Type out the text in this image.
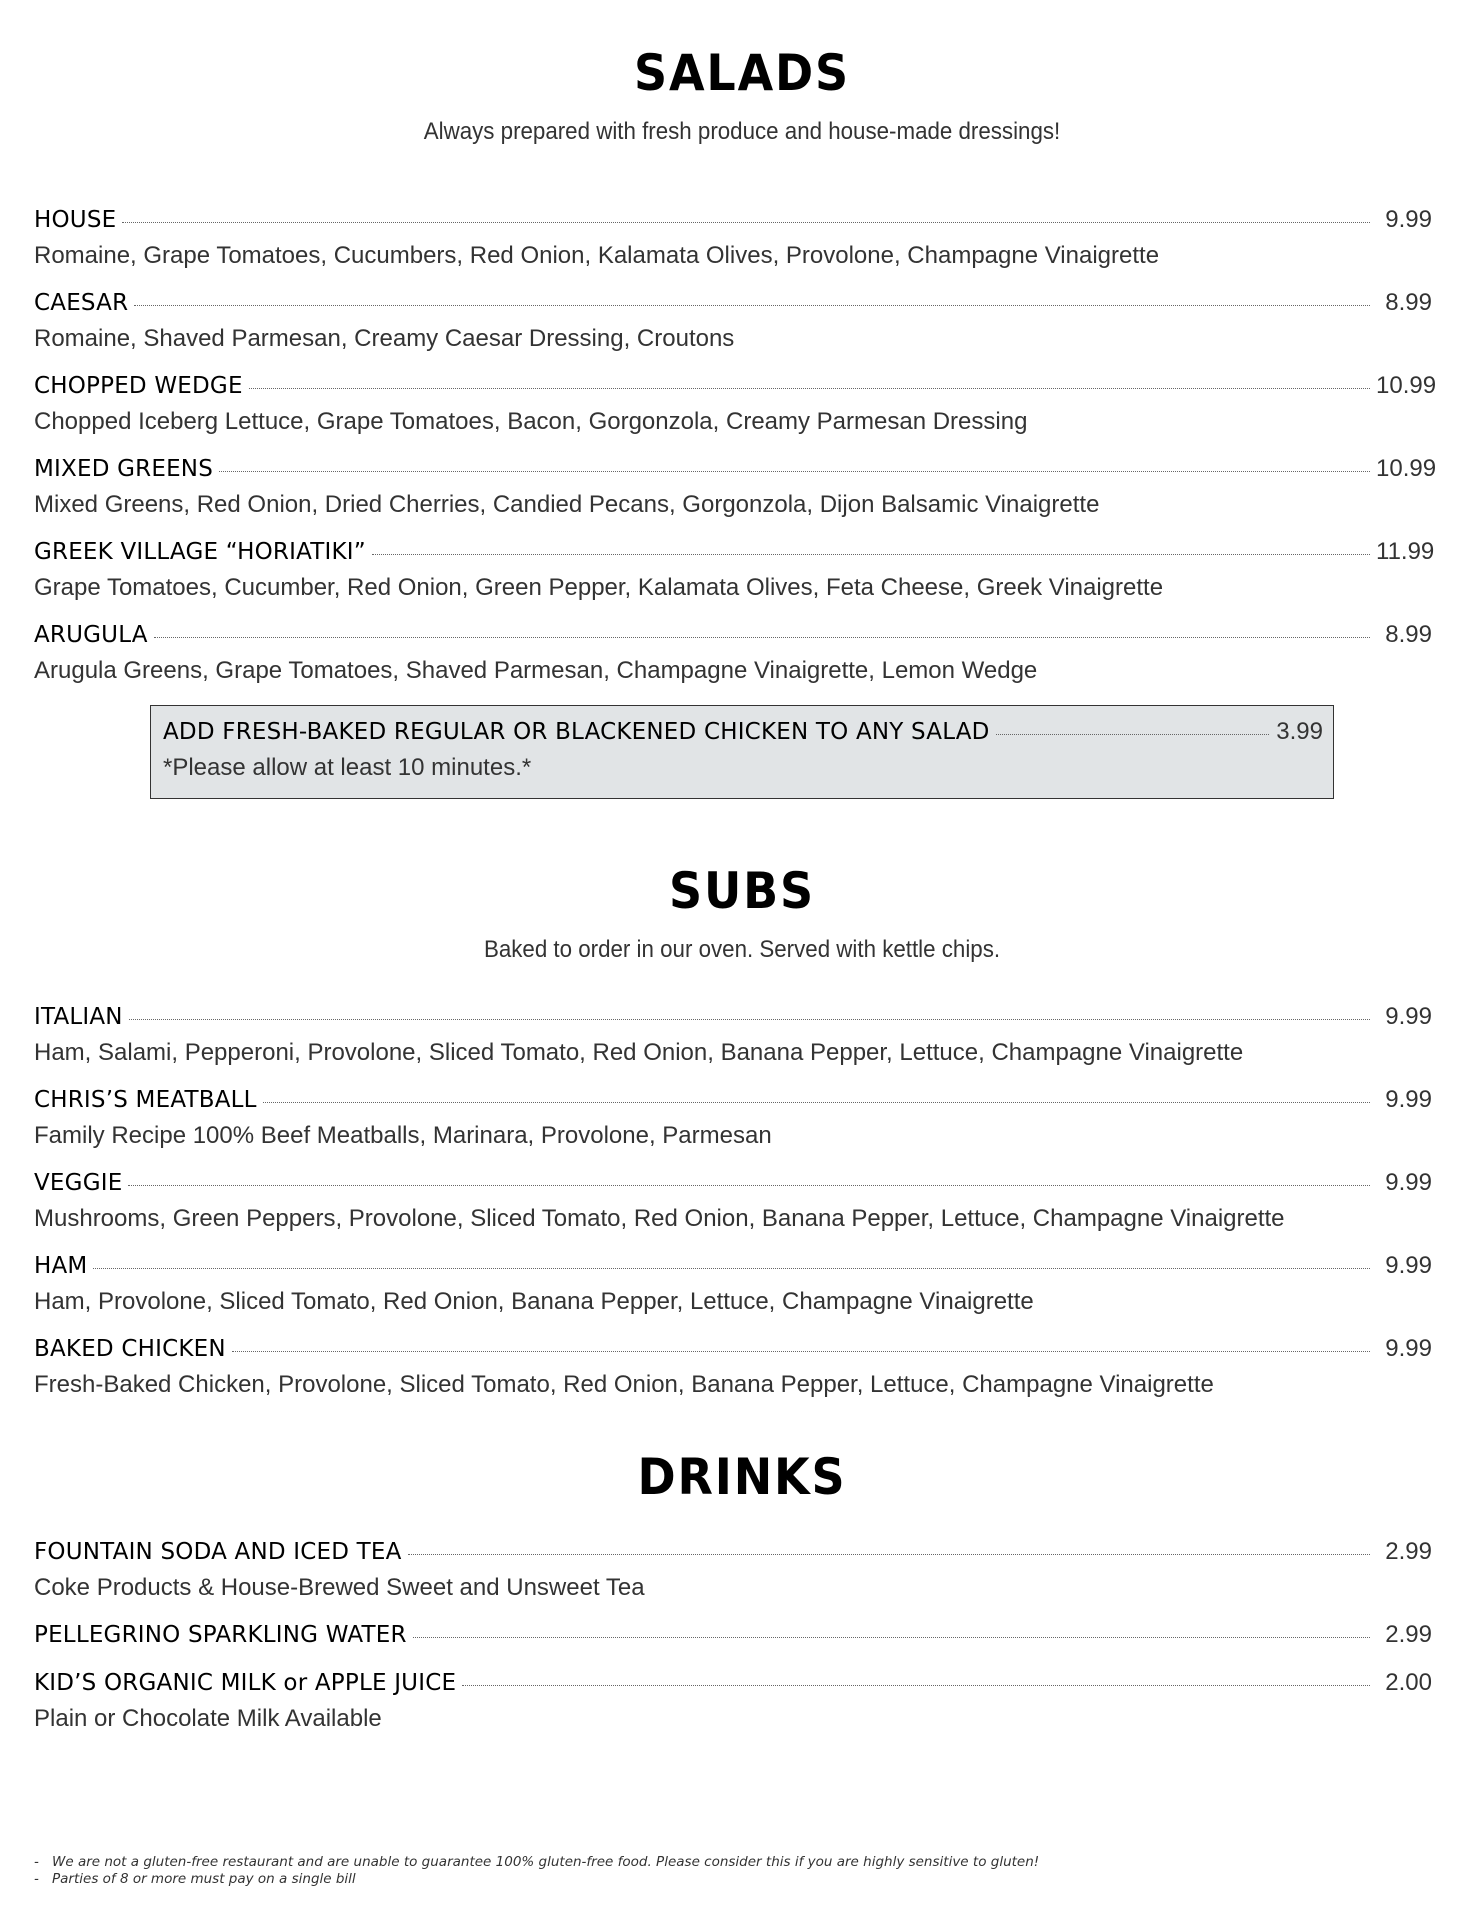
SALADS
Always prepared with fresh produce and house-made dressings!
HOUSE	9.99
Romaine, Grape Tomatoes, Cucumbers, Red Onion, Kalamata Olives, Provolone, Champagne Vinaigrette
CAESAR	8.99
Romaine, Shaved Parmesan, Creamy Caesar Dressing, Croutons
CHOPPED WEDGE	10.99
Chopped Iceberg Lettuce, Grape Tomatoes, Bacon, Gorgonzola, Creamy Parmesan Dressing
MIXED GREENS	10.99
Mixed Greens, Red Onion, Dried Cherries, Candied Pecans, Gorgonzola, Dijon Balsamic Vinaigrette
GREEK VILLAGE “HORIATIKI”	11.99
Grape Tomatoes, Cucumber, Red Onion, Green Pepper, Kalamata Olives, Feta Cheese, Greek Vinaigrette
ARUGULA	8.99
Arugula Greens, Grape Tomatoes, Shaved Parmesan, Champagne Vinaigrette, Lemon Wedge
ADD FRESH-BAKED REGULAR OR BLACKENED CHICKEN TO ANY SALAD	3.99
*Please allow at least 10 minutes.*
SUBS
Baked to order in our oven. Served with kettle chips.
ITALIAN	9.99
Ham, Salami, Pepperoni, Provolone, Sliced Tomato, Red Onion, Banana Pepper, Lettuce, Champagne Vinaigrette
CHRIS’S MEATBALL	9.99
Family Recipe 100% Beef Meatballs, Marinara, Provolone, Parmesan
VEGGIE	9.99
Mushrooms, Green Peppers, Provolone, Sliced Tomato, Red Onion, Banana Pepper, Lettuce, Champagne Vinaigrette
HAM	9.99
Ham, Provolone, Sliced Tomato, Red Onion, Banana Pepper, Lettuce, Champagne Vinaigrette
BAKED CHICKEN	9.99
Fresh-Baked Chicken, Provolone, Sliced Tomato, Red Onion, Banana Pepper, Lettuce, Champagne Vinaigrette
DRINKS
FOUNTAIN SODA AND ICED TEA	2.99
Coke Products & House-Brewed Sweet and Unsweet Tea
PELLEGRINO SPARKLING WATER	2.99
KID’S ORGANIC MILK or APPLE JUICE	2.00
Plain or Chocolate Milk Available
- We are not a gluten-free restaurant and are unable to guarantee 100% gluten-free food. Please consider this if you are highly sensitive to gluten!
- Parties of 8 or more must pay on a single bill
